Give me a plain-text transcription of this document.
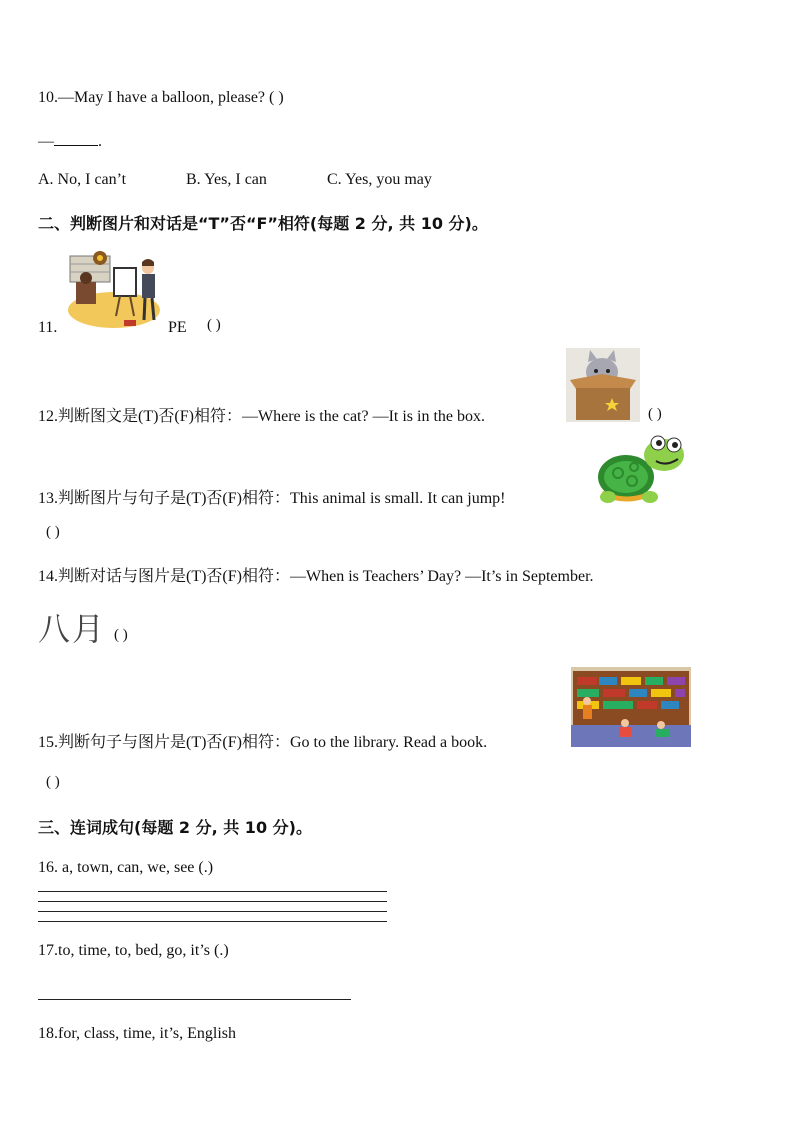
10.—May I have a balloon, please? ( )
—	.
A. No, I can’t	B. Yes, I can	C. Yes, you may
二、判断图片和对话是“T”否“F”相符(每题 2 分, 共 10 分)。
11.	PE ( )
12.判断图文是(T)否(F)相符：—Where is the cat? —It is in the box.	( )
13.判断图片与句子是(T)否(F)相符：This animal is small. It can jump!
( )
14.判断对话与图片是(T)否(F)相符：—When is Teachers’ Day? —It’s in September.
八月 ( )
15.判断句子与图片是(T)否(F)相符：Go to the library. Read a book.
( )
三、连词成句(每题 2 分, 共 10 分)。
16. a, town, can, we, see (.)
17.to, time, to, bed, go, it’s (.)
18.for, class, time, it’s, English
